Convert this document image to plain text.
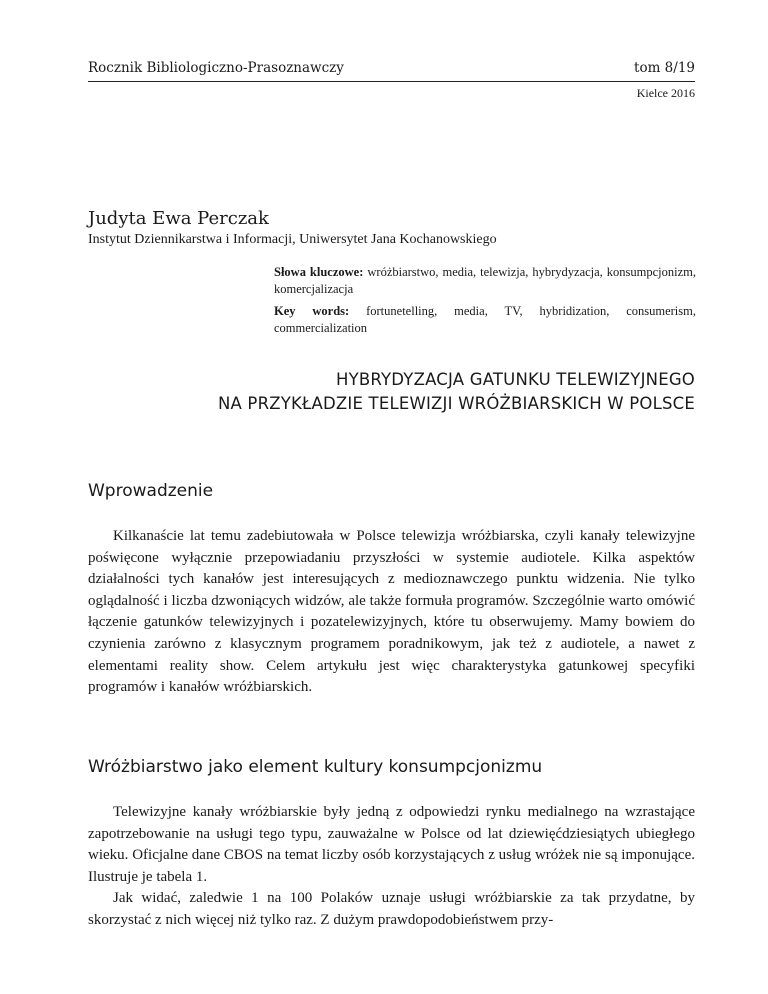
Rocznik Bibliologiczno-Prasoznawczy	tom 8/19
Kielce 2016
Judyta Ewa Perczak
Instytut Dziennikarstwa i Informacji, Uniwersytet Jana Kochanowskiego
Słowa kluczowe: wróżbiarstwo, media, telewizja, hybrydyzacja, konsumpcjonizm, komercjalizacja
Key words: fortunetelling, media, TV, hybridization, consumerism, commercialization
HYBRYDYZACJA GATUNKU TELEWIZYJNEGO
NA PRZYKŁADZIE TELEWIZJI WRÓŻBIARSKICH W POLSCE
Wprowadzenie

Kilkanaście lat temu zadebiutowała w Polsce telewizja wróżbiarska, czyli kanały telewizyjne poświęcone wyłącznie przepowiadaniu przyszłości w systemie audiotele. Kilka aspektów działalności tych kanałów jest interesujących z medioznawczego punktu widzenia. Nie tylko oglądalność i liczba dzwoniących widzów, ale także formuła programów. Szczególnie warto omówić łączenie gatunków telewizyjnych i pozatelewizyjnych, które tu obserwujemy. Mamy bowiem do czynienia zarówno z klasycznym programem poradnikowym, jak też z audiotele, a nawet z elementami reality show. Celem artykułu jest więc charakterystyka gatunkowej specyfiki programów i kanałów wróżbiarskich.

Wróżbiarstwo jako element kultury konsumpcjonizmu

Telewizyjne kanały wróżbiarskie były jedną z odpowiedzi rynku medialnego na wzrastające zapotrzebowanie na usługi tego typu, zauważalne w Polsce od lat dziewięćdziesiątych ubiegłego wieku. Oficjalne dane CBOS na temat liczby osób korzystających z usług wróżek nie są imponujące. Ilustruje je tabela 1.

Jak widać, zaledwie 1 na 100 Polaków uznaje usługi wróżbiarskie za tak przydatne, by skorzystać z nich więcej niż tylko raz. Z dużym prawdopodobieństwem przy-
